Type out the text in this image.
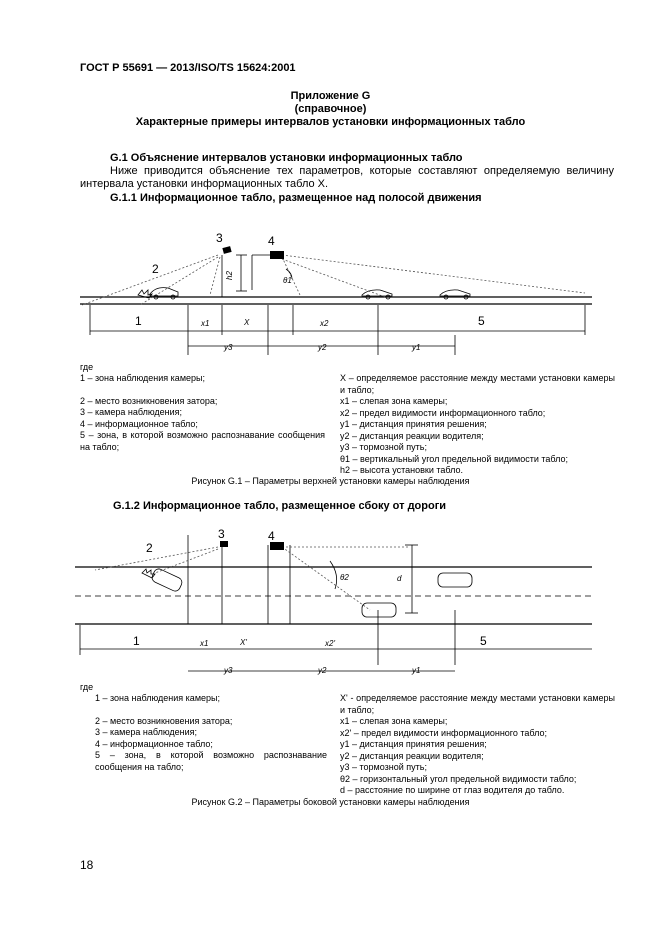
ГОСТ Р 55691 — 2013/ISO/TS 15624:2001
Приложение G
(справочное)
Характерные примеры интервалов установки информационных табло
G.1 Объяснение интервалов установки информационных табло
Ниже приводится объяснение тех параметров, которые составляют определяемую величину интервала установки информационных табло X.
G.1.1 Информационное табло, размещенное над полосой движения
3	4
2
1	5
h2
θ1
x1	X	x2
y3	y2	y1
где
1 – зона наблюдения камеры;
2 – место возникновения затора;
3 – камера наблюдения;
4 – информационное табло;
5 – зона, в которой возможно распознавание сообщения на табло;
X – определяемое расстояние между местами установки камеры и табло;
x1 – слепая зона камеры;
x2 – предел видимости информационного табло;
y1 – дистанция принятия решения;
y2 – дистанция реакции водителя;
y3 – тормозной путь;
θ1 – вертикальный угол предельной видимости табло;
h2 – высота установки табло.
Рисунок G.1 – Параметры верхней установки камеры наблюдения
G.1.2 Информационное табло, размещенное сбоку от дороги
3	4
2
1	5
θ2	d
x1	X'	x2'
y3	y2	y1
где
1 – зона наблюдения камеры;
2 – место возникновения затора;
3 – камера наблюдения;
4 – информационное табло;
5 – зона, в которой возможно распознавание сообщения на табло;
X' - определяемое расстояние между местами установки камеры и табло;
x1 – слепая зона камеры;
x2' – предел видимости информационного табло;
y1 – дистанция принятия решения;
y2 – дистанция реакции водителя;
y3 – тормозной путь;
θ2 – горизонтальный угол предельной видимости табло;
d – расстояние по ширине от глаз водителя до табло.
Рисунок G.2 – Параметры боковой установки камеры наблюдения
18
